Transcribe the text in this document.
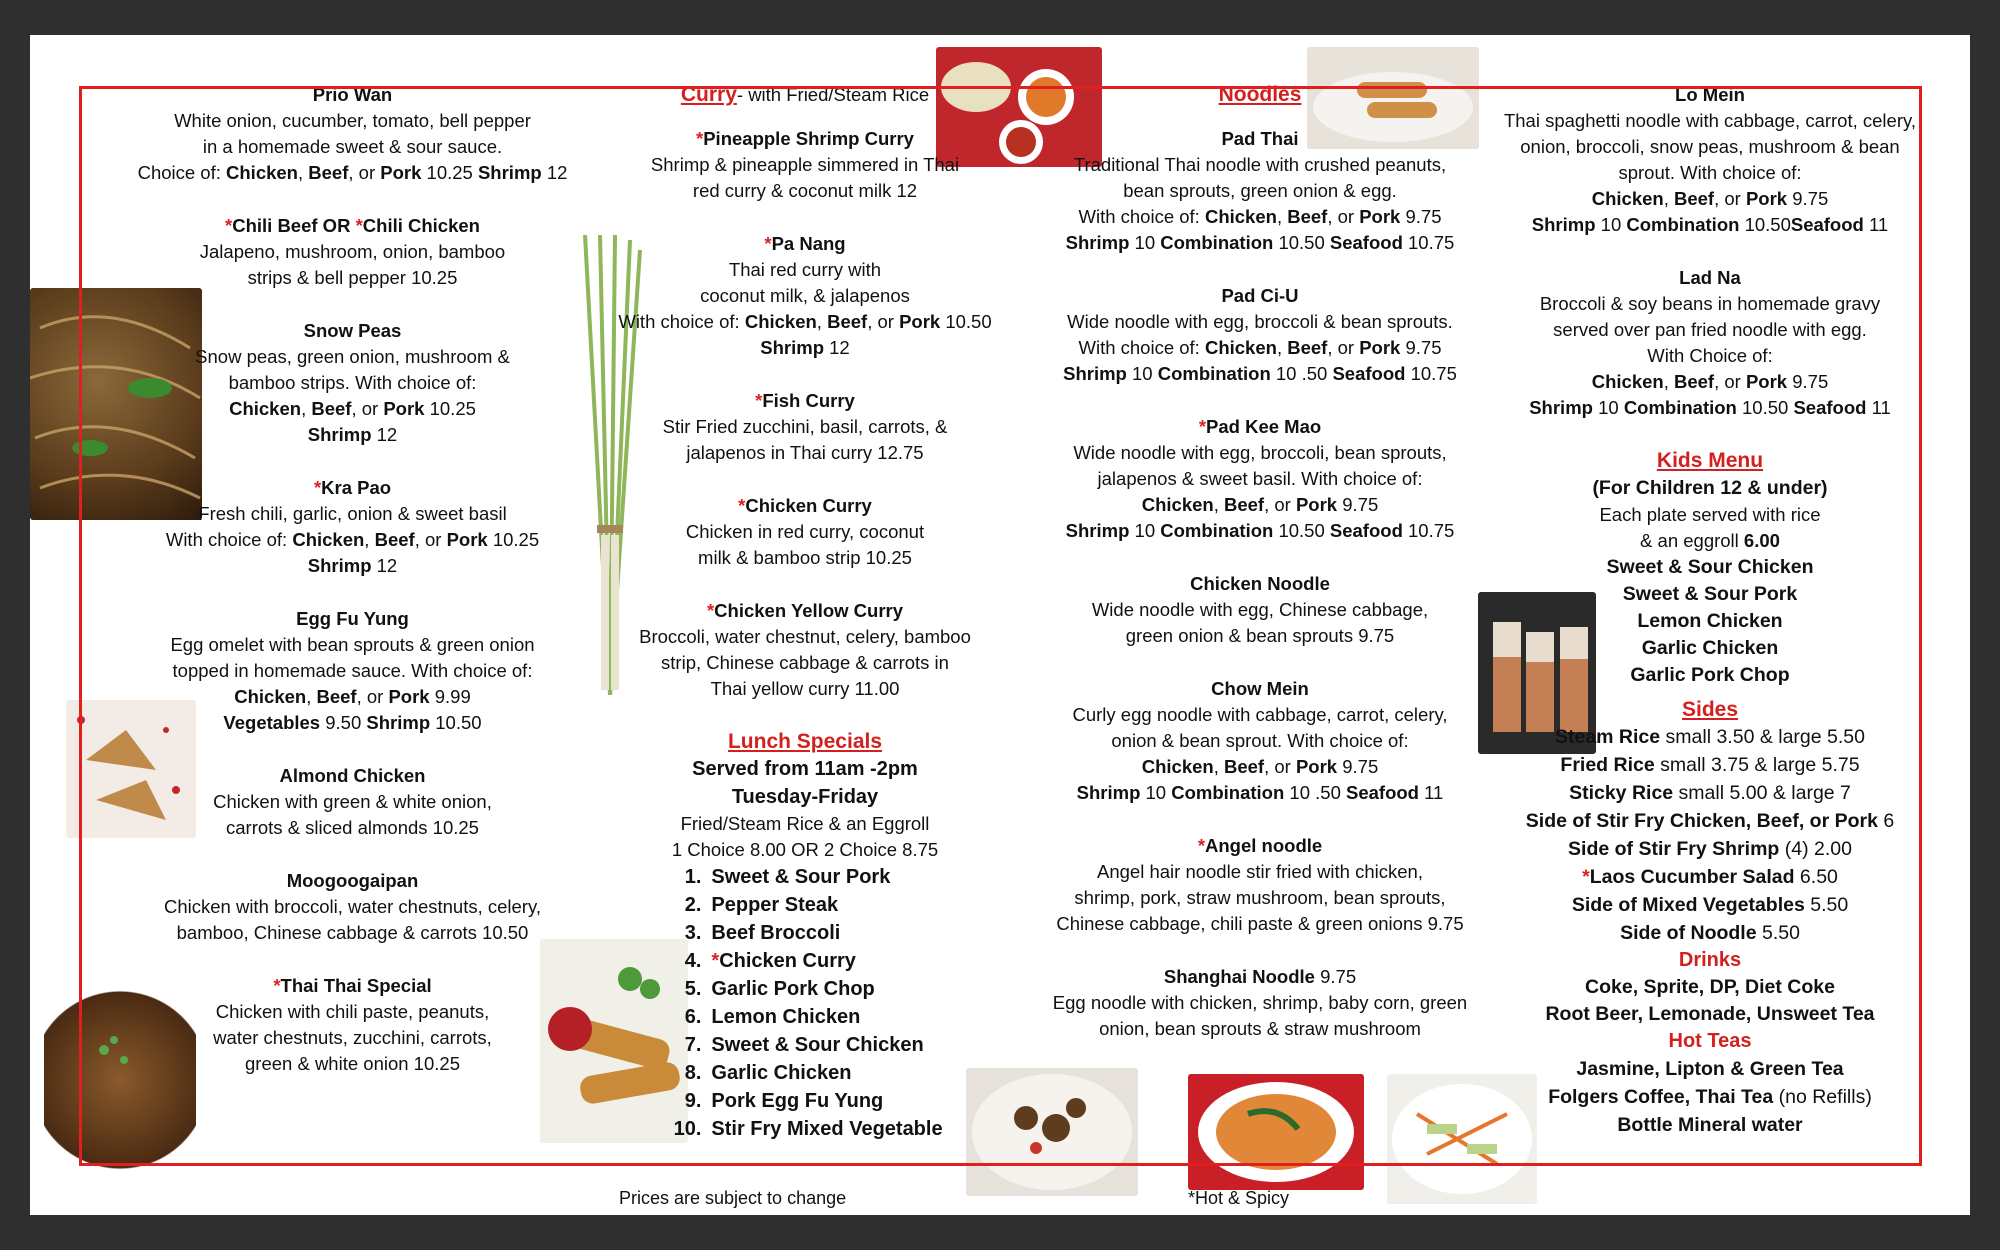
Prio Wan
White onion, cucumber, tomato, bell pepper
in a homemade sweet & sour sauce.
Choice of: Chicken, Beef, or Pork 10.25 Shrimp 12
*Chili Beef OR *Chili Chicken
Jalapeno, mushroom, onion, bamboo
strips & bell pepper 10.25
Snow Peas
Snow peas, green onion, mushroom &
bamboo strips. With choice of:
Chicken, Beef, or Pork 10.25
Shrimp 12
*Kra Pao
Fresh chili, garlic, onion & sweet basil
With choice of: Chicken, Beef, or Pork 10.25
Shrimp 12
Egg Fu Yung
Egg omelet with bean sprouts & green onion
topped in homemade sauce. With choice of:
Chicken, Beef, or Pork 9.99
Vegetables 9.50 Shrimp 10.50
Almond Chicken
Chicken with green & white onion,
carrots & sliced almonds 10.25
Moogoogaipan
Chicken with broccoli, water chestnuts, celery,
bamboo, Chinese cabbage & carrots 10.50
*Thai Thai Special
Chicken with chili paste, peanuts,
water chestnuts, zucchini, carrots,
green & white onion 10.25
Curry- with Fried/Steam Rice
*Pineapple Shrimp Curry
Shrimp & pineapple simmered in Thai
red curry & coconut milk 12
*Pa Nang
Thai red curry with
coconut milk, & jalapenos
With choice of: Chicken, Beef, or Pork 10.50
Shrimp 12
*Fish Curry
Stir Fried zucchini, basil, carrots, &
jalapenos in Thai curry 12.75
*Chicken Curry
Chicken in red curry, coconut
milk & bamboo strip 10.25
*Chicken Yellow Curry
Broccoli, water chestnut, celery, bamboo
strip, Chinese cabbage & carrots in
Thai yellow curry 11.00
Lunch Specials
Served from 11am -2pm
Tuesday-Friday
Fried/Steam Rice & an Eggroll
1 Choice 8.00 OR 2 Choice 8.75
1. Sweet & Sour Pork
2. Pepper Steak
3. Beef Broccoli
4. *Chicken Curry
5. Garlic Pork Chop
6. Lemon Chicken
7. Sweet & Sour Chicken
8. Garlic Chicken
9. Pork Egg Fu Yung
10. Stir Fry Mixed Vegetable
Noodles
Pad Thai
Traditional Thai noodle with crushed peanuts,
bean sprouts, green onion & egg.
With choice of: Chicken, Beef, or Pork 9.75
Shrimp 10 Combination 10.50 Seafood 10.75
Pad Ci-U
Wide noodle with egg, broccoli & bean sprouts.
With choice of: Chicken, Beef, or Pork 9.75
Shrimp 10 Combination 10 .50 Seafood 10.75
*Pad Kee Mao
Wide noodle with egg, broccoli, bean sprouts,
jalapenos & sweet basil. With choice of:
Chicken, Beef, or Pork 9.75
Shrimp 10 Combination 10.50 Seafood 10.75
Chicken Noodle
Wide noodle with egg, Chinese cabbage,
green onion & bean sprouts 9.75
Chow Mein
Curly egg noodle with cabbage, carrot, celery,
onion & bean sprout. With choice of:
Chicken, Beef, or Pork 9.75
Shrimp 10 Combination 10 .50 Seafood 11
*Angel noodle
Angel hair noodle stir fried with chicken,
shrimp, pork, straw mushroom, bean sprouts,
Chinese cabbage, chili paste & green onions 9.75
Shanghai Noodle 9.75
Egg noodle with chicken, shrimp, baby corn, green
onion, bean sprouts & straw mushroom
Lo Mein
Thai spaghetti noodle with cabbage, carrot, celery,
onion, broccoli, snow peas, mushroom & bean
sprout. With choice of:
Chicken, Beef, or Pork 9.75
Shrimp 10 Combination 10.50Seafood 11
Lad Na
Broccoli & soy beans in homemade gravy
served over pan fried noodle with egg.
With Choice of:
Chicken, Beef, or Pork 9.75
Shrimp 10 Combination 10.50 Seafood 11
Kids Menu
(For Children 12 & under)
Each plate served with rice
& an eggroll 6.00
Sweet & Sour Chicken
Sweet & Sour Pork
Lemon Chicken
Garlic Chicken
Garlic Pork Chop
Sides
Steam Rice small 3.50 & large 5.50
Fried Rice small 3.75 & large 5.75
Sticky Rice small 5.00 & large 7
Side of Stir Fry Chicken, Beef, or Pork 6
Side of Stir Fry Shrimp (4) 2.00
*Laos Cucumber Salad 6.50
Side of Mixed Vegetables 5.50
Side of Noodle 5.50
Drinks
Coke, Sprite, DP, Diet Coke
Root Beer, Lemonade, Unsweet Tea
Hot Teas
Jasmine, Lipton & Green Tea
Folgers Coffee, Thai Tea (no Refills)
Bottle Mineral water
Prices are subject to change	*Hot & Spicy
